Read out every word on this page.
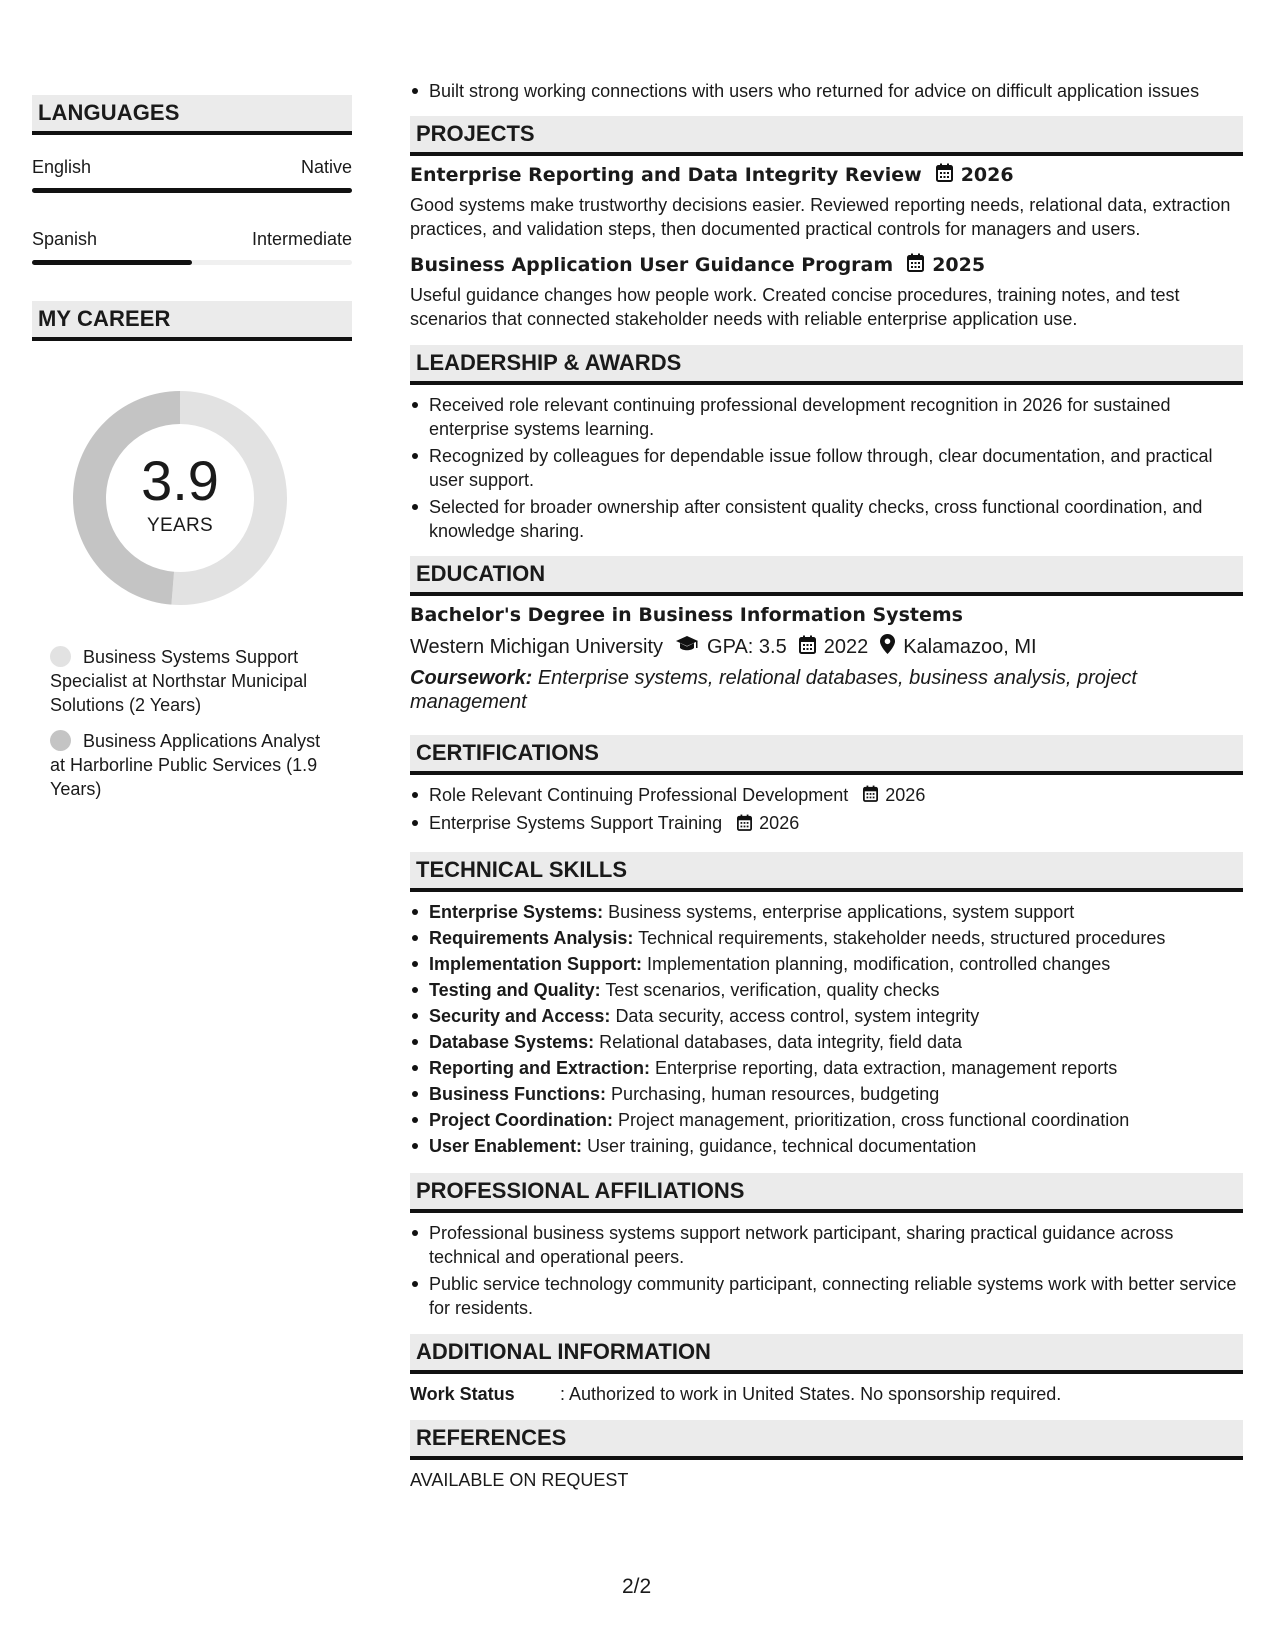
LANGUAGES
English	Native
Spanish	Intermediate
MY CAREER
3.9
YEARS
Business Systems Support Specialist at Northstar Municipal Solutions (2 Years)
Business Applications Analyst at Harborline Public Services (1.9 Years)
Built strong working connections with users who returned for advice on difficult application issues
PROJECTS
Enterprise Reporting and Data Integrity Review 2026
Good systems make trustworthy decisions easier. Reviewed reporting needs, relational data, extraction practices, and validation steps, then documented practical controls for managers and users.
Business Application User Guidance Program 2025
Useful guidance changes how people work. Created concise procedures, training notes, and test scenarios that connected stakeholder needs with reliable enterprise application use.
LEADERSHIP & AWARDS
Received role relevant continuing professional development recognition in 2026 for sustained enterprise systems learning.
Recognized by colleagues for dependable issue follow through, clear documentation, and practical user support.
Selected for broader ownership after consistent quality checks, cross functional coordination, and knowledge sharing.
EDUCATION
Bachelor's Degree in Business Information Systems
Western Michigan University GPA: 3.5 2022 Kalamazoo, MI
Coursework: Enterprise systems, relational databases, business analysis, project management
CERTIFICATIONS
Role Relevant Continuing Professional Development 2026
Enterprise Systems Support Training 2026
TECHNICAL SKILLS
Enterprise Systems: Business systems, enterprise applications, system support
Requirements Analysis: Technical requirements, stakeholder needs, structured procedures
Implementation Support: Implementation planning, modification, controlled changes
Testing and Quality: Test scenarios, verification, quality checks
Security and Access: Data security, access control, system integrity
Database Systems: Relational databases, data integrity, field data
Reporting and Extraction: Enterprise reporting, data extraction, management reports
Business Functions: Purchasing, human resources, budgeting
Project Coordination: Project management, prioritization, cross functional coordination
User Enablement: User training, guidance, technical documentation
PROFESSIONAL AFFILIATIONS
Professional business systems support network participant, sharing practical guidance across technical and operational peers.
Public service technology community participant, connecting reliable systems work with better service for residents.
ADDITIONAL INFORMATION
Work Status	: Authorized to work in United States. No sponsorship required.
REFERENCES
AVAILABLE ON REQUEST
2/2
